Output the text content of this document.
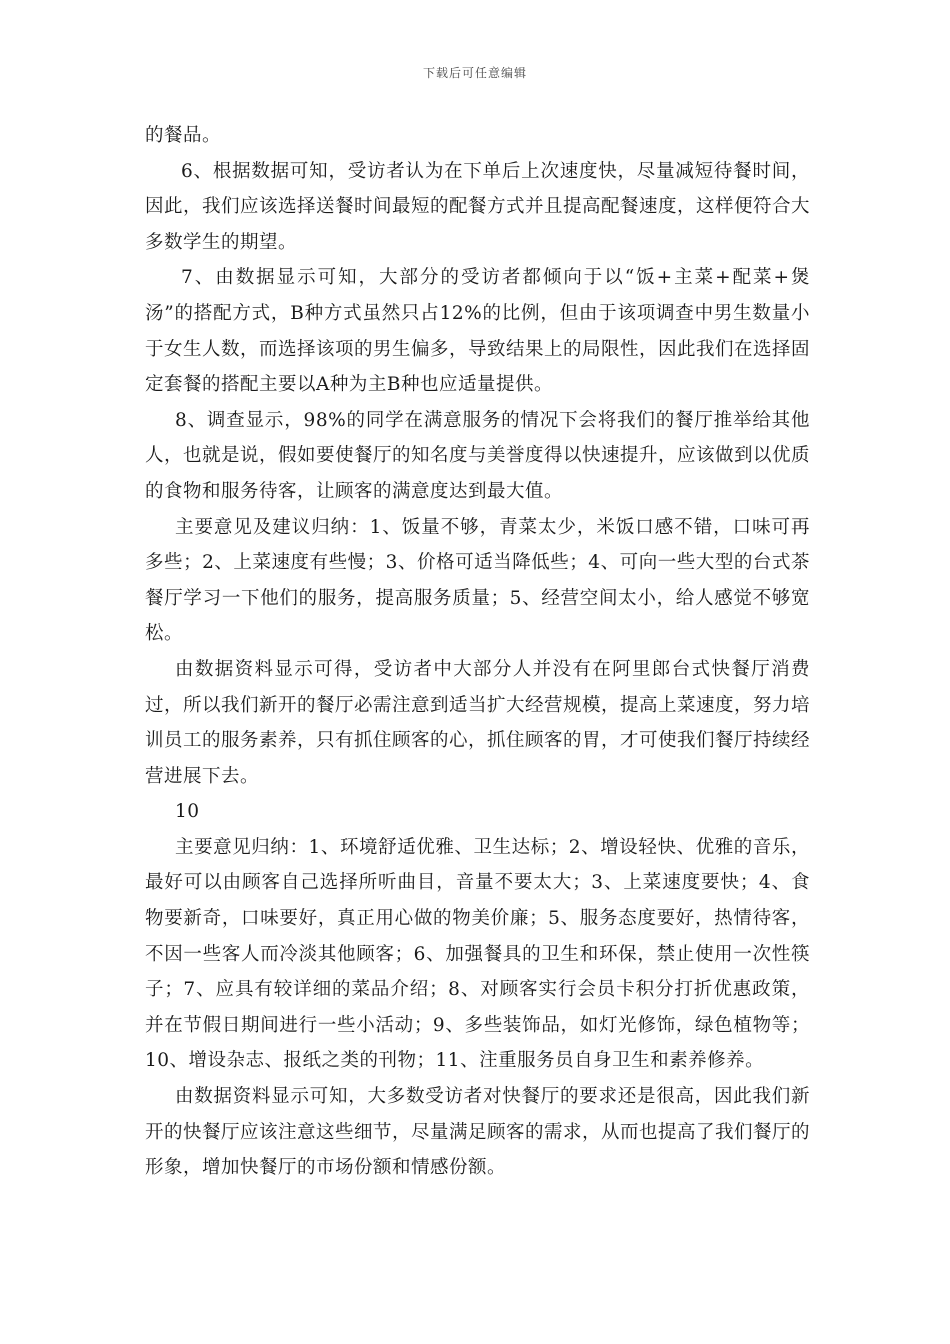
下载后可任意编辑

的餐品。

6、根据数据可知，受访者认为在下单后上次速度快，尽量减短待餐时间，因此，我们应该选择送餐时间最短的配餐方式并且提高配餐速度，这样便符合大多数学生的期望。

7、由数据显示可知，大部分的受访者都倾向于以“饭+主菜+配菜+煲汤”的搭配方式，B种方式虽然只占12%的比例，但由于该项调查中男生数量小于女生人数，而选择该项的男生偏多，导致结果上的局限性，因此我们在选择固定套餐的搭配主要以A种为主B种也应适量提供。

8、调查显示，98%的同学在满意服务的情况下会将我们的餐厅推举给其他人，也就是说，假如要使餐厅的知名度与美誉度得以快速提升，应该做到以优质的食物和服务待客，让顾客的满意度达到最大值。

主要意见及建议归纳：1、饭量不够，青菜太少，米饭口感不错，口味可再多些；2、上菜速度有些慢；3、价格可适当降低些；4、可向一些大型的台式茶餐厅学习一下他们的服务，提高服务质量；5、经营空间太小，给人感觉不够宽松。

由数据资料显示可得，受访者中大部分人并没有在阿里郎台式快餐厅消费过，所以我们新开的餐厅必需注意到适当扩大经营规模，提高上菜速度，努力培训员工的服务素养，只有抓住顾客的心，抓住顾客的胃，才可使我们餐厅持续经营进展下去。

10

主要意见归纳：1、环境舒适优雅、卫生达标；2、增设轻快、优雅的音乐，最好可以由顾客自己选择所听曲目，音量不要太大；3、上菜速度要快；4、食物要新奇，口味要好，真正用心做的物美价廉；5、服务态度要好，热情待客，不因一些客人而冷淡其他顾客；6、加强餐具的卫生和环保，禁止使用一次性筷子；7、应具有较详细的菜品介绍；8、对顾客实行会员卡积分打折优惠政策，并在节假日期间进行一些小活动；9、多些装饰品，如灯光修饰，绿色植物等；10、增设杂志、报纸之类的刊物；11、注重服务员自身卫生和素养修养。

由数据资料显示可知，大多数受访者对快餐厅的要求还是很高，因此我们新开的快餐厅应该注意这些细节，尽量满足顾客的需求，从而也提高了我们餐厅的形象，增加快餐厅的市场份额和情感份额。
